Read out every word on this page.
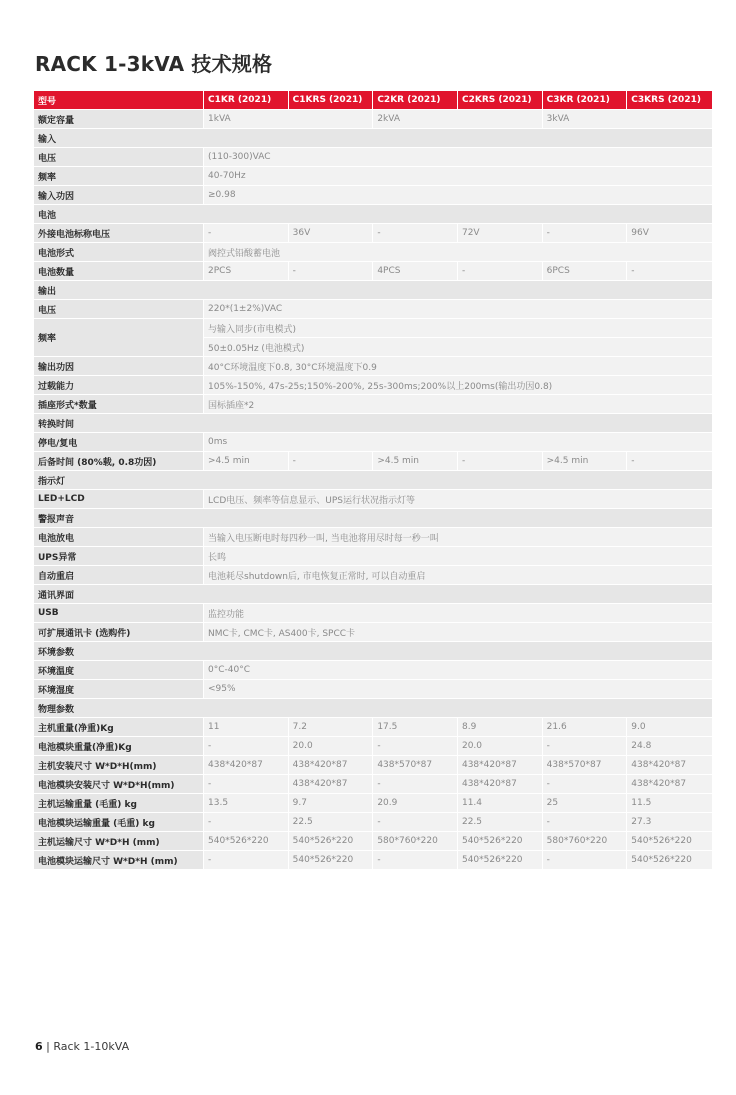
RACK 1-3kVA 技术规格
型号	C1KR (2021)	C1KRS (2021)	C2KR (2021)	C2KRS (2021)	C3KR (2021)	C3KRS (2021)
额定容量	1kVA		2kVA		3kVA	
输入						
电压	(110-300)VAC					
频率	40-70Hz					
输入功因	≥0.98					
电池						
外接电池标称电压	-	36V	-	72V	-	96V
电池形式	阀控式铅酸蓄电池					
电池数量	2PCS	-	4PCS	-	6PCS	-
输出						
电压	220*(1±2%)VAC					
频率	与输入同步(市电模式)					
	50±0.05Hz (电池模式)					
输出功因	40°C环境温度下0.8, 30°C环境温度下0.9					
过载能力	105%-150%, 47s-25s;150%-200%, 25s-300ms;200%以上200ms(输出功因0.8)					
插座形式*数量	国标插座*2					
转换时间						
停电/复电	0ms					
后备时间 (80%载, 0.8功因)	>4.5 min	-	>4.5 min	-	>4.5 min	-
指示灯						
LED+LCD	LCD电压、频率等信息显示、UPS运行状况指示灯等					
警报声音						
电池放电	当输入电压断电时每四秒一叫, 当电池将用尽时每一秒一叫					
UPS异常	长鸣					
自动重启	电池耗尽shutdown后, 市电恢复正常时, 可以自动重启					
通讯界面						
USB	监控功能					
可扩展通讯卡 (选购件)	NMC卡, CMC卡, AS400卡, SPCC卡					
环境参数						
环境温度	0°C-40°C					
环境湿度	<95%					
物理参数						
主机重量(净重)Kg	11	7.2	17.5	8.9	21.6	9.0
电池模块重量(净重)Kg	-	20.0	-	20.0	-	24.8
主机安装尺寸 W*D*H(mm)	438*420*87	438*420*87	438*570*87	438*420*87	438*570*87	438*420*87
电池模块安装尺寸 W*D*H(mm)	-	438*420*87	-	438*420*87	-	438*420*87
主机运输重量 (毛重) kg	13.5	9.7	20.9	11.4	25	11.5
电池模块运输重量 (毛重) kg	-	22.5	-	22.5	-	27.3
主机运输尺寸 W*D*H (mm)	540*526*220	540*526*220	580*760*220	540*526*220	580*760*220	540*526*220
电池模块运输尺寸 W*D*H (mm)	-	540*526*220	-	540*526*220	-	540*526*220
6 | Rack 1-10kVA
